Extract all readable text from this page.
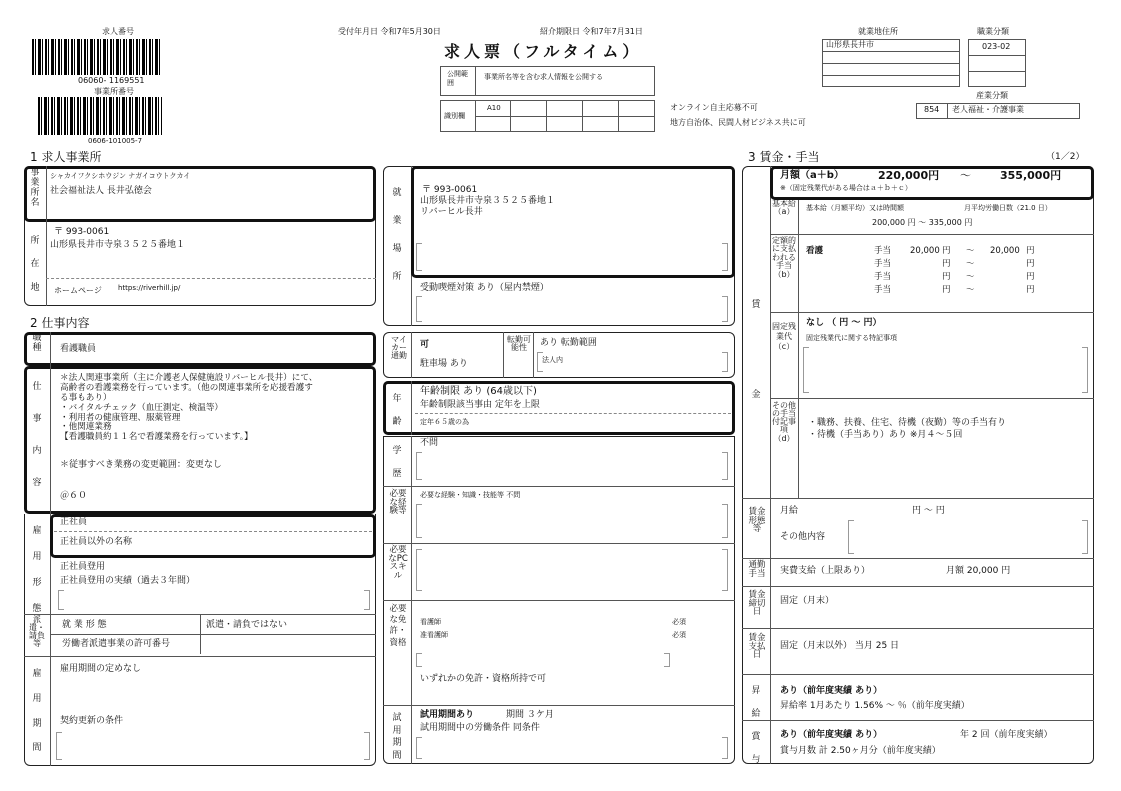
求人番号
06060- 1169551
事業所番号
0606-101005-7
受付年月日 令和7年5月30日	紹介期限日 令和7年7月31日
求人票（フルタイム）
公開範囲
事業所名等を含む求人情報を公開する
識別欄
A10	オンライン自主応募不可
地方自治体、民間人材ビジネス共に可
就業地住所
山形県長井市
職業分類
023-02
産業分類
854 老人福祉・介護事業
1 求人事業所
事業所名
シャカイフクシホウジン ナガイコウトクカイ
社会福祉法人 長井弘徳会
所在地
〒 993-0061
山形県長井市寺泉３５２５番地１
ホームページ https://riverhill.jp/
2 仕事内容
職種 看護職員
仕事内容
＊法人関連事業所（主に介護老人保健施設リバーヒル長井）にて、
高齢者の看護業務を行っています。（他の関連事業所を応援看護す
る事もあり）
・バイタルチェック（血圧測定、検温等）
・利用者の健康管理、服薬管理
・他関連業務
【看護職員約１１名で看護業務を行っています。】
＊従事すべき業務の変更範囲：変更なし
＠６０
雇用形態
正社員
正社員以外の名称
正社員登用
正社員登用の実績（過去３年間）
派遣・請負等
就 業 形 態	派遣・請負ではない
労働者派遣事業の許可番号
雇用期間
雇用期間の定めなし
契約更新の条件
就業場所
〒 993-0061
山形県長井市寺泉３５２５番地１
リバーヒル長井
受動喫煙対策 あり（屋内禁煙）
マイカー通勤
可
駐車場 あり
転勤可能性	あり 転勤範囲
法人内
年齢
年齢制限 あり (64歳以下)
年齢制限該当事由 定年を上限
定年６５歳の為
学歴
不問
必要な経験等
必要な経験・知識・技能等 不問
必要なPCスキル
必要な免許・資格
看護師	必須
准看護師	必須
いずれかの免許・資格所持で可
試用期間
試用期間あり	期間 ３ケ月
試用期間中の労働条件 同条件
3 賃金・手当	（1／2）
賃金
月額（a＋b）	220,000円 〜	355,000円
※（固定残業代がある場合はａ＋ｂ＋ｃ）
基本給（a） 基本給（月額平均）又は時間額	月平均労働日数（21.0 日）
200,000 円 〜 335,000 円
定額的に支払われる手当（b）
看護	手当 20,000 円 〜 20,000 円
手当	円 〜	円
手当	円 〜	円
手当	円 〜	円
固定残業代（c）
なし （ 円 〜 円）
固定残業代に関する特記事項
その他の手当付記事項（d）
・職務、扶養、住宅、待機（夜勤）等の手当有り
・待機（手当あり）あり ※月４〜５回
賃金形態等
月給	円 〜 円
その他内容
通勤手当 実費支給（上限あり）	月額 20,000 円
賃金締切日
固定（月末）
賃金支払日
固定（月末以外） 当月 25 日
昇給
あり（前年度実績 あり）
昇給率 1月あたり 1.56% 〜 ％（前年度実績）
賞与
あり（前年度実績 あり）	年 2 回（前年度実績）
賞与月数 計 2.50ヶ月分（前年度実績）
